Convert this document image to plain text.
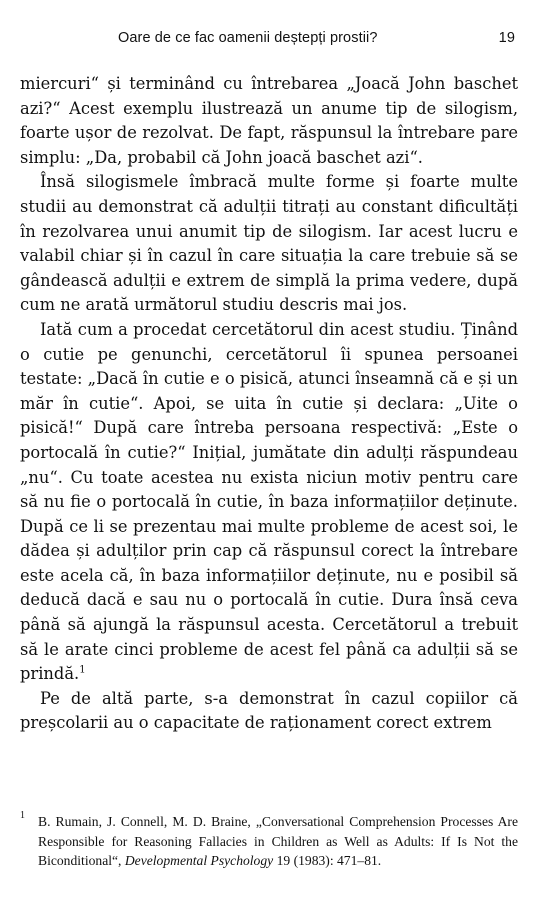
Oare de ce fac oamenii deștepți prostii?	19

miercuri“ și terminând cu întrebarea „Joacă John baschet azi?“ Acest exemplu ilustrează un anume tip de silogism, foarte ușor de rezolvat. De fapt, răspunsul la întrebare pare simplu: „Da, probabil că John joacă baschet azi“.

Însă silogismele îmbracă multe forme și foarte multe studii au demonstrat că adulții titrați au constant dificultăți în rezolvarea unui anumit tip de silogism. Iar acest lucru e valabil chiar și în cazul în care situația la care trebuie să se gândească adulții e extrem de simplă la prima vedere, după cum ne arată următorul studiu descris mai jos.

Iată cum a procedat cercetătorul din acest studiu. Ținând o cutie pe genunchi, cercetătorul îi spunea persoanei testate: „Dacă în cutie e o pisică, atunci înseamnă că e și un măr în cutie“. Apoi, se uita în cutie și declara: „Uite o pisică!“ După care întreba persoana respectivă: „Este o portocală în cutie?“ Inițial, jumătate din adulți răspundeau „nu“. Cu toate acestea nu exista niciun motiv pentru care să nu fie o portocală în cutie, în baza informațiilor deținute. După ce li se prezentau mai multe probleme de acest soi, le dădea și adulților prin cap că răspunsul corect la întrebare este acela că, în baza informațiilor deținute, nu e posibil să deducă dacă e sau nu o portocală în cutie. Dura însă ceva până să ajungă la răspunsul acesta. Cercetătorul a trebuit să le arate cinci probleme de acest fel până ca adulții să se prindă.$^1$

Pe de altă parte, s-a demonstrat în cazul copiilor că preșcolarii au o capacitate de raționament corect extrem

1 B. Rumain, J. Connell, M. D. Braine, „Conversational Comprehension Processes Are Responsible for Reasoning Fallacies in Children as Well as Adults: If Is Not the Biconditional“, Developmental Psychology 19 (1983): 471–81.
